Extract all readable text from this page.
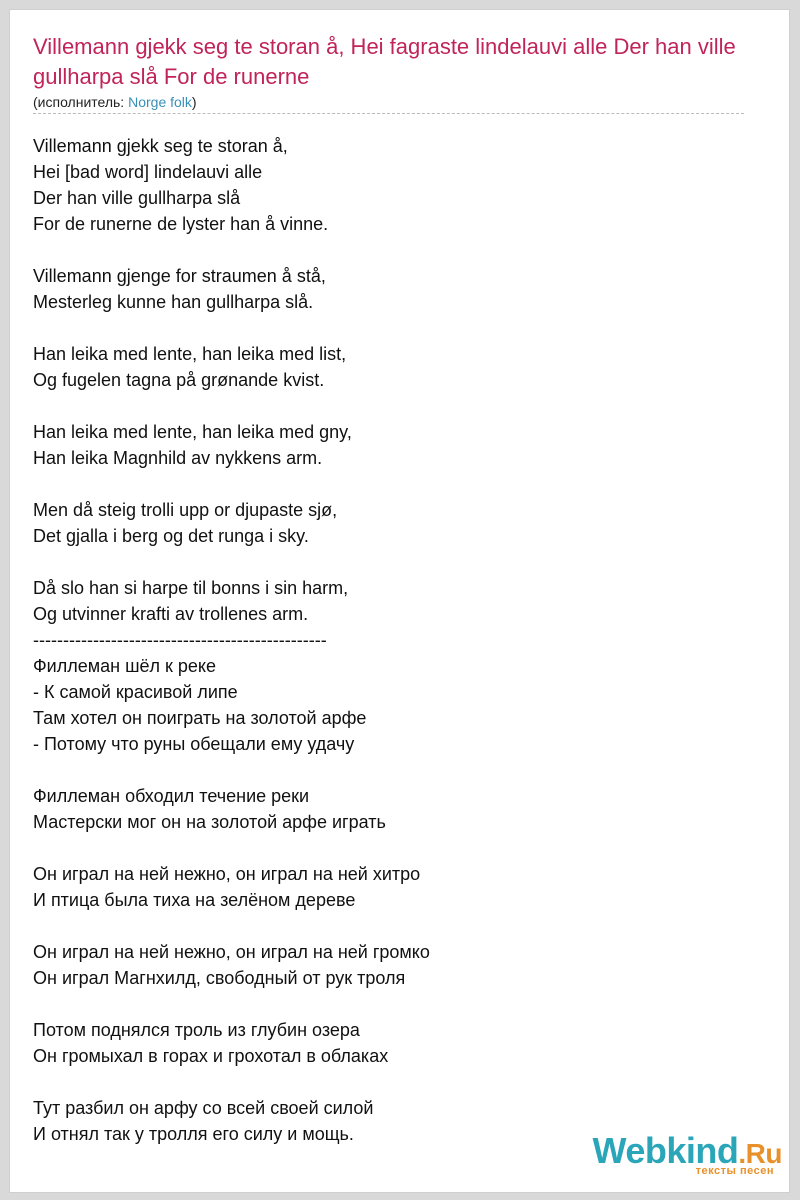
Villemann gjekk seg te storan å, Hei fagraste lindelauvi alle Der han ville gullharpa slå For de runerne
(исполнитель: Norge folk)
Villemann gjekk seg te storan å,
Hei [bad word] lindelauvi alle
Der han ville gullharpa slå
For de runerne de lyster han å vinne.
Villemann gjenge for straumen å stå,
Mesterleg kunne han gullharpa slå.
Han leika med lente, han leika med list,
Og fugelen tagna på grønande kvist.
Han leika med lente, han leika med gny,
Han leika Magnhild av nykkens arm.
Men då steig trolli upp or djupaste sjø,
Det gjalla i berg og det runga i sky.
Då slo han si harpe til bonns i sin harm,
Og utvinner krafti av trollenes arm.
-------------------------------------------------
Филлеман шёл к реке
- К самой красивой липе
Там хотел он поиграть на золотой арфе
- Потому что руны обещали ему удачу
Филлеман обходил течение реки
Мастерски мог он на золотой арфе играть
Он играл на ней нежно, он играл на ней хитро
И птица была тиха на зелёном дереве
Он играл на ней нежно, он играл на ней громко
Он играл Магнхилд, свободный от рук троля
Потом поднялся троль из глубин озера
Он громыхал в горах и грохотал в облаках
Тут разбил он арфу со всей своей силой
И отнял так у тролля его силу и мощь.	Webkind.Ru
тексты песен
